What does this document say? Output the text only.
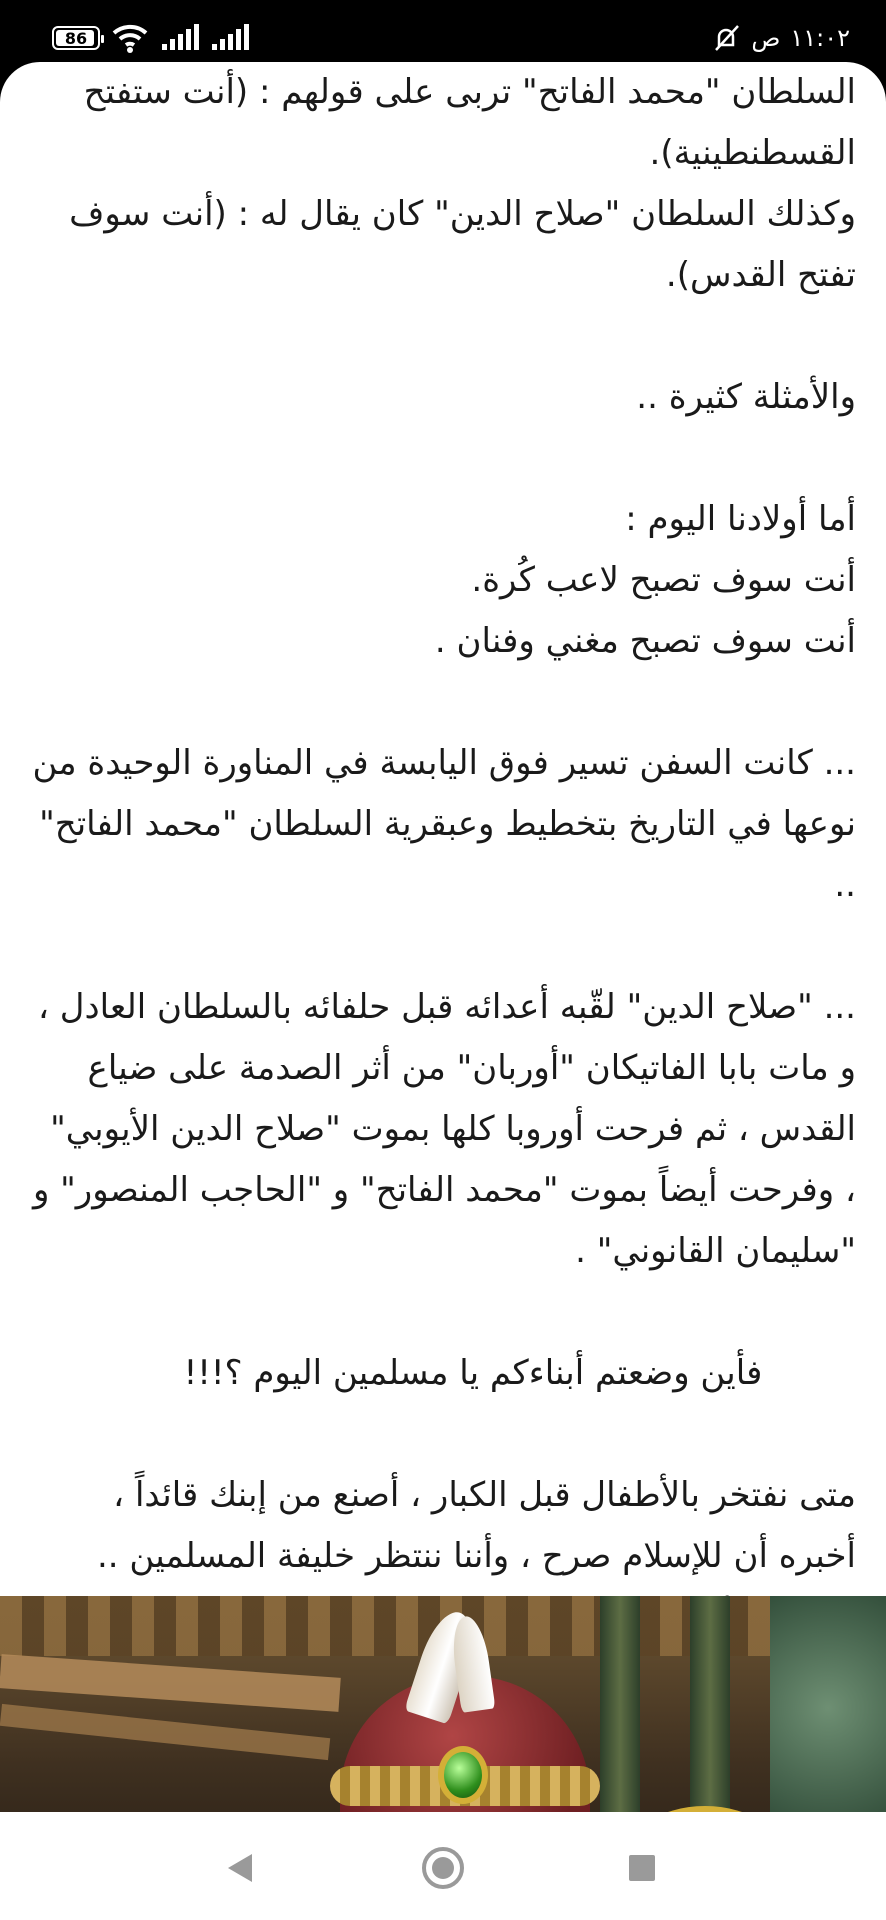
86	ص ١١:٠٢

السلطان "محمد الفاتح" تربى على قولهم : (أنت ستفتح القسطنطينية).

وكذلك السلطان "صلاح الدين" كان يقال له : (أنت سوف تفتح القدس).

والأمثلة كثيرة ..

أما أولادنا اليوم :

أنت سوف تصبح لاعب كُرة.

أنت سوف تصبح مغني وفنان .

... كانت السفن تسير فوق اليابسة في المناورة الوحيدة من نوعها في التاريخ بتخطيط وعبقرية السلطان "محمد الفاتح" ..

... "صلاح الدين" لقّبه أعدائه قبل حلفائه بالسلطان العادل ، و مات بابا الفاتيكان "أوربان" من أثر الصدمة على ضياع القدس ، ثم فرحت أوروبا كلها بموت "صلاح الدين الأيوبي" ، وفرحت أيضاً بموت "محمد الفاتح" و "الحاجب المنصور" و "سليمان القانوني" .

فأين وضعتم أبناءكم يا مسلمين اليوم ؟!!!

متى نفتخر بالأطفال قبل الكبار ، أصنع من إبنك قائداً ، أخبره أن للإسلام صرح ، وأننا ننتظر خليفة المسلمين ..
